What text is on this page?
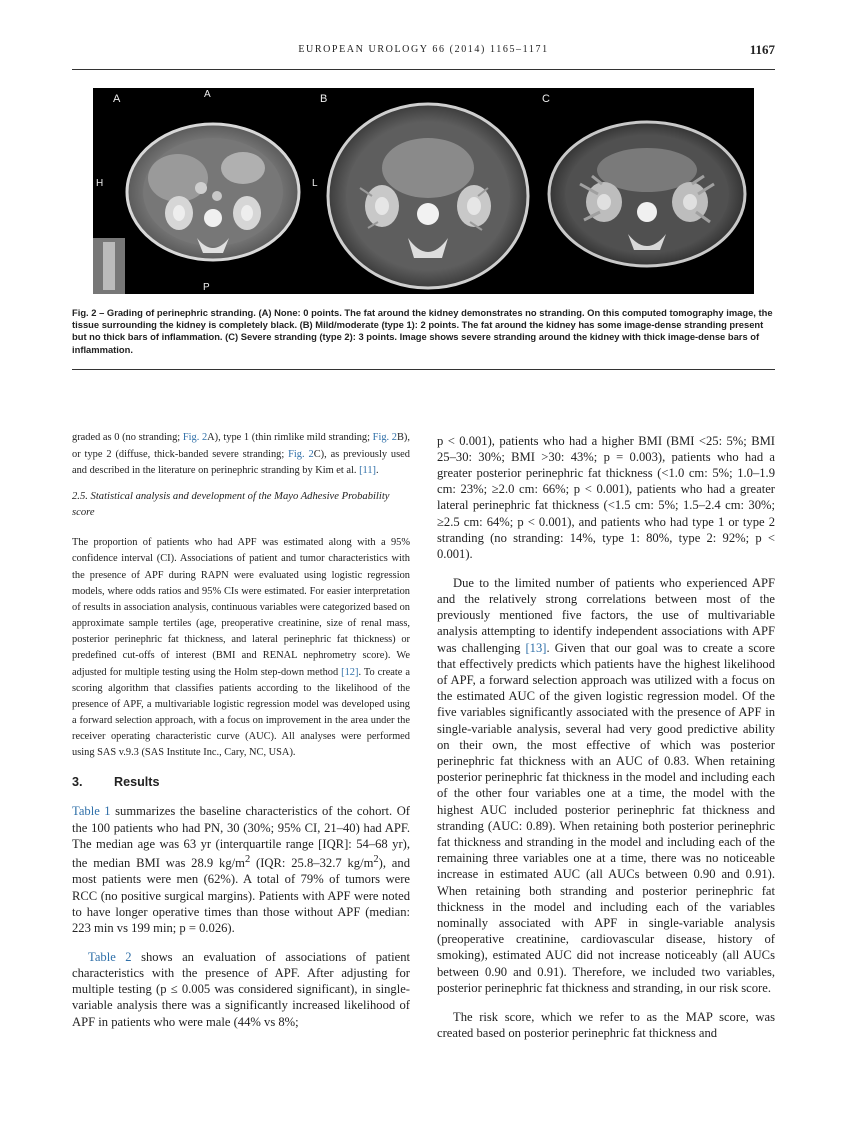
EUROPEAN UROLOGY 66 (2014) 1165–1171	1167
A	A
H
P
B
L
C
Fig. 2 – Grading of perinephric stranding. (A) None: 0 points. The fat around the kidney demonstrates no stranding. On this computed tomography image, the tissue surrounding the kidney is completely black. (B) Mild/moderate (type 1): 2 points. The fat around the kidney has some image-dense stranding present but no thick bars of inflammation. (C) Severe stranding (type 2): 3 points. Image shows severe stranding around the kidney with thick image-dense bars of inflammation.

graded as 0 (no stranding; Fig. 2A), type 1 (thin rimlike mild stranding; Fig. 2B), or type 2 (diffuse, thick-banded severe stranding; Fig. 2C), as previously used and described in the literature on perinephric stranding by Kim et al. [11].

2.5. Statistical analysis and development of the Mayo Adhesive Probability score

The proportion of patients who had APF was estimated along with a 95% confidence interval (CI). Associations of patient and tumor characteristics with the presence of APF during RAPN were evaluated using logistic regression models, where odds ratios and 95% CIs were estimated. For easier interpretation of results in association analysis, continuous variables were categorized based on approximate sample tertiles (age, preoperative creatinine, size of renal mass, posterior perinephric fat thickness, and lateral perinephric fat thickness) or predefined cut-offs of interest (BMI and RENAL nephrometry score). We adjusted for multiple testing using the Holm step-down method [12]. To create a scoring algorithm that classifies patients according to the likelihood of the presence of APF, a multivariable logistic regression model was developed using a forward selection approach, with a focus on improvement in the area under the receiver operating characteristic curve (AUC). All analyses were performed using SAS v.9.3 (SAS Institute Inc., Cary, NC, USA).

3. Results

Table 1 summarizes the baseline characteristics of the cohort. Of the 100 patients who had PN, 30 (30%; 95% CI, 21–40) had APF. The median age was 63 yr (interquartile range [IQR]: 54–68 yr), the median BMI was 28.9 $kg/m^2$ (IQR: 25.8–32.7 $kg/m^2$), and most patients were men (62%). A total of 79% of tumors were RCC (no positive surgical margins). Patients with APF were noted to have longer operative times than those without APF (median: 223 min vs 199 min; p = 0.026).

Table 2 shows an evaluation of associations of patient characteristics with the presence of APF. After adjusting for multiple testing (p ≤ 0.005 was considered significant), in single-variable analysis there was a significantly increased likelihood of APF in patients who were male (44% vs 8%;

p < 0.001), patients who had a higher BMI (BMI <25: 5%; BMI 25–30: 30%; BMI >30: 43%; p = 0.003), patients who had a greater posterior perinephric fat thickness (<1.0 cm: 5%; 1.0–1.9 cm: 23%; ≥2.0 cm: 66%; p < 0.001), patients who had a greater lateral perinephric fat thickness (<1.5 cm: 5%; 1.5–2.4 cm: 30%; ≥2.5 cm: 64%; p < 0.001), and patients who had type 1 or type 2 stranding (no stranding: 14%, type 1: 80%, type 2: 92%; p < 0.001).

Due to the limited number of patients who experienced APF and the relatively strong correlations between most of the previously mentioned five factors, the use of multivariable analysis attempting to identify independent associations with APF was challenging [13]. Given that our goal was to create a score that effectively predicts which patients have the highest likelihood of APF, a forward selection approach was utilized with a focus on the estimated AUC of the given logistic regression model. Of the five variables significantly associated with the presence of APF in single-variable analysis, several had very good predictive ability on their own, the most effective of which was posterior perinephric fat thickness with an AUC of 0.83. When retaining posterior perinephric fat thickness in the model and including each of the other four variables one at a time, the model with the highest AUC included posterior perinephric fat thickness and stranding (AUC: 0.89). When retaining both posterior perinephric fat thickness and stranding in the model and including each of the remaining three variables one at a time, there was no noticeable increase in estimated AUC (all AUCs between 0.90 and 0.91). When retaining both stranding and posterior perinephric fat thickness in the model and including each of the variables nominally associated with APF in single-variable analysis (preoperative creatinine, cardiovascular disease, history of smoking), estimated AUC did not increase noticeably (all AUCs between 0.90 and 0.91). Therefore, we included two variables, posterior perinephric fat thickness and stranding, in our risk score.

The risk score, which we refer to as the MAP score, was created based on posterior perinephric fat thickness and
